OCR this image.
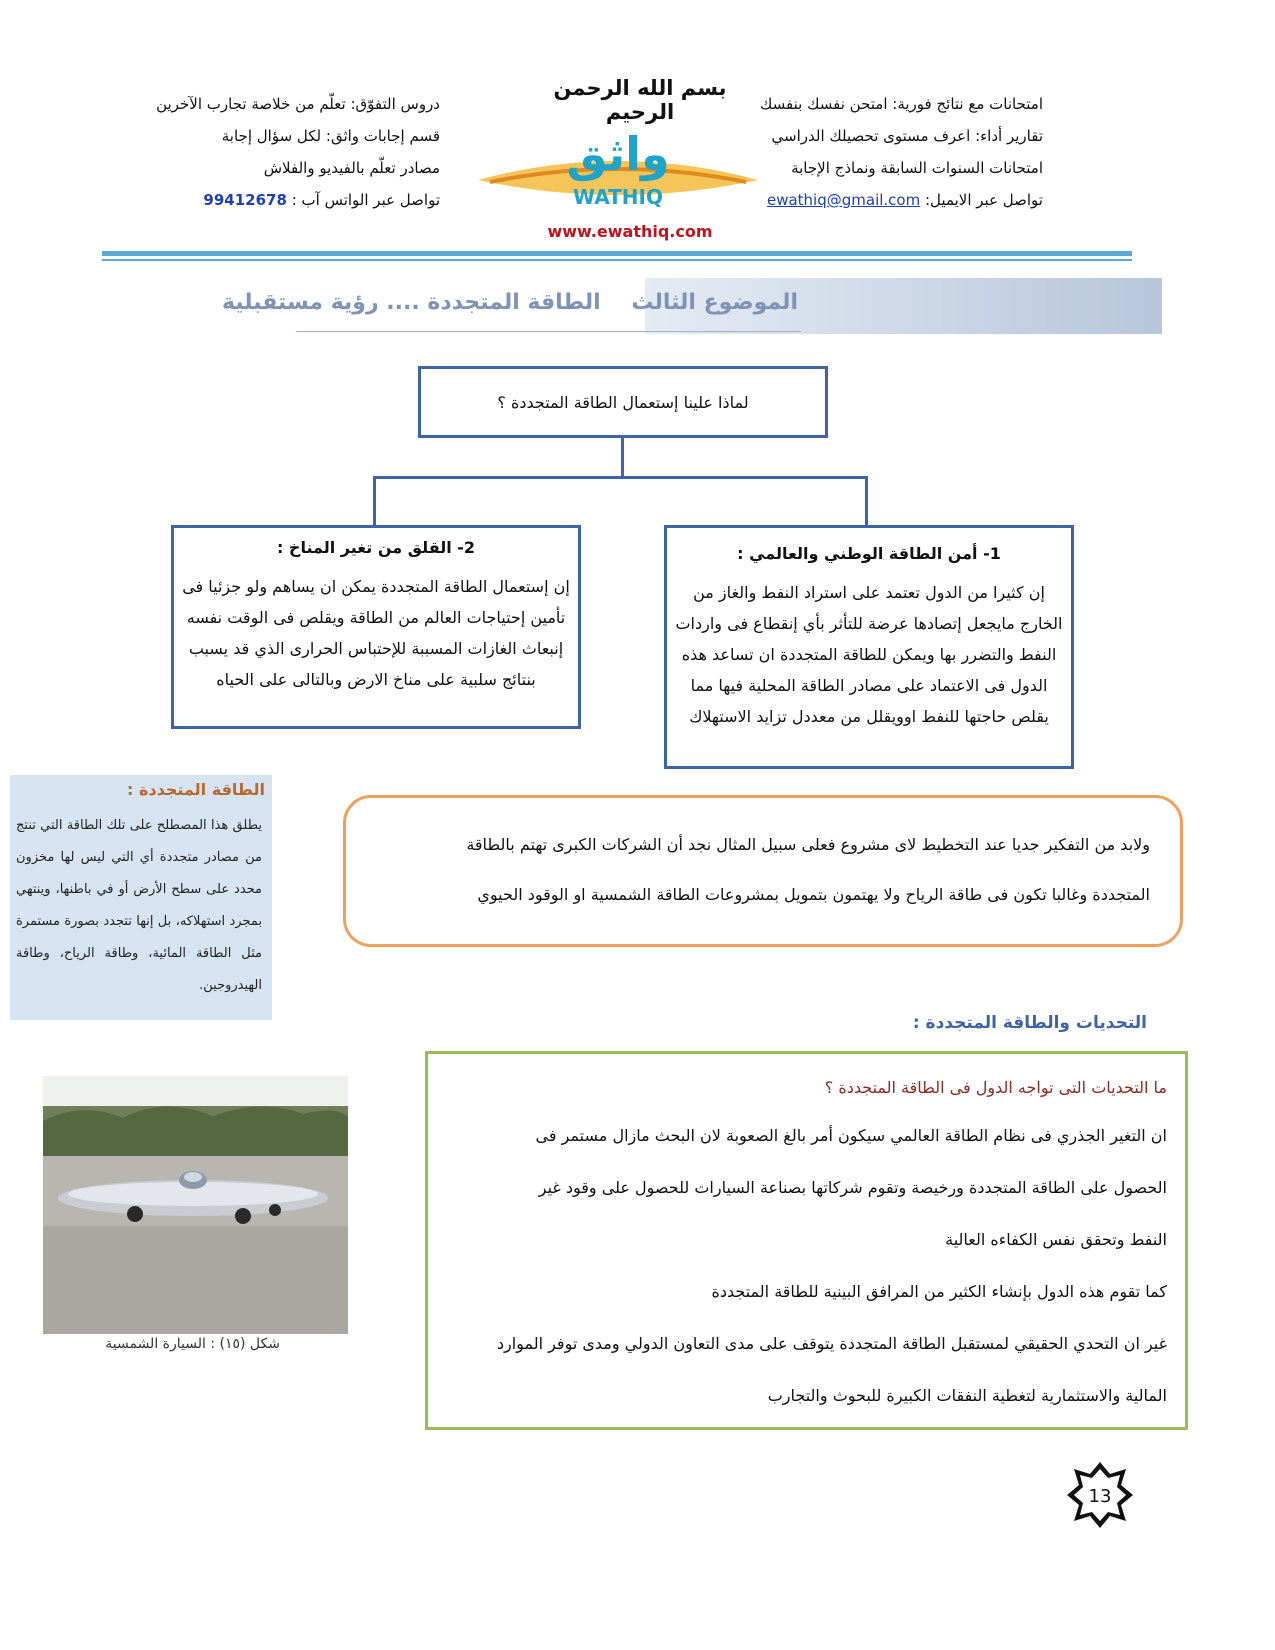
بسم الله الرحمن الرحيم	امتحانات مع نتائج فورية: امتحن نفسك بنفسك
تقارير أداء: اعرف مستوى تحصيلك الدراسي
امتحانات السنوات السابقة ونماذج الإجابة
تواصل عبر الايميل: ewathiq@gmail.com
دروس التفوّق: تعلّم من خلاصة تجارب الآخرين
قسم إجابات واثق: لكل سؤال إجابة
مصادر تعلّم بالفيديو والفلاش
تواصل عبر الواتس آب : 99412678
واثق
WATHIQ
www.ewathiq.com
الموضوع الثالث    الطاقة المتجددة .... رؤية مستقبلية
لماذا علينا إستعمال الطاقة المتجددة ؟
1- أمن الطاقة الوطني والعالمي :
إن كثيرا من الدول تعتمد على استراد النفط والغاز من الخارج مايجعل إتصادها عرضة للتأثر بأي إنقطاع فى واردات النفط والتضرر بها ويمكن للطاقة المتجددة ان تساعد هذه الدول فى الاعتماد على مصادر الطاقة المحلية فيها مما يقلص حاجتها للنفط اوويقلل من معددل تزايد الاستهلاك
2- القلق من تغير المناخ :
إن إستعمال الطاقة المتجددة يمكن ان يساهم ولو جزئيا فى تأمين إحتياجات العالم من الطاقة ويقلص فى الوقت نفسه إنبعاث الغازات المسببة للإحتباس الحرارى الذي قد يسبب بنتائج سلبية على مناخ الارض وبالتالى على الحياه
الطاقة المتجددة :
يطلق هذا المصطلح على تلك الطاقة التي تنتج من مصادر متجددة أي التي ليس لها مخزون محدد على سطح الأرض أو في باطنها، وينتهي بمجرد استهلاكه، بل إنها تتجدد بصورة مستمرة مثل الطاقة المائية، وطاقة الرياح، وطاقة الهيدروجين.
ولابد من التفكير جديا عند التخطيط لاى مشروع فعلى سبيل المثال نجد أن الشركات الكبرى تهتم بالطاقة
المتجددة وغالبا تكون فى طاقة الرياح ولا يهتمون بتمويل بمشروعات الطاقة الشمسية او الوقود الحيوي
التحديات والطاقة المتجددة :
ما التحديات التى تواجه الدول فى الطاقة المتجددة ؟
ان التغير الجذري فى نظام الطاقة العالمي سيكون أمر بالغ الصعوبة لان البحث مازال مستمر فى
الحصول على الطاقة المتجددة ورخيصة وتقوم شركاتها بصناعة السيارات للحصول على وقود غير
النفط وتحقق نفس الكفاءه العالية
كما تقوم هذه الدول بإنشاء الكثير من المرافق البينية للطاقة المتجددة
غير ان التحدي الحقيقي لمستقبل الطاقة المتجددة يتوقف على مدى التعاون الدولي ومدى توفر الموارد
المالية والاستثمارية لتغطية النفقات الكبيرة للبحوث والتجارب
شكل (١٥) : السيارة الشمسية
13
